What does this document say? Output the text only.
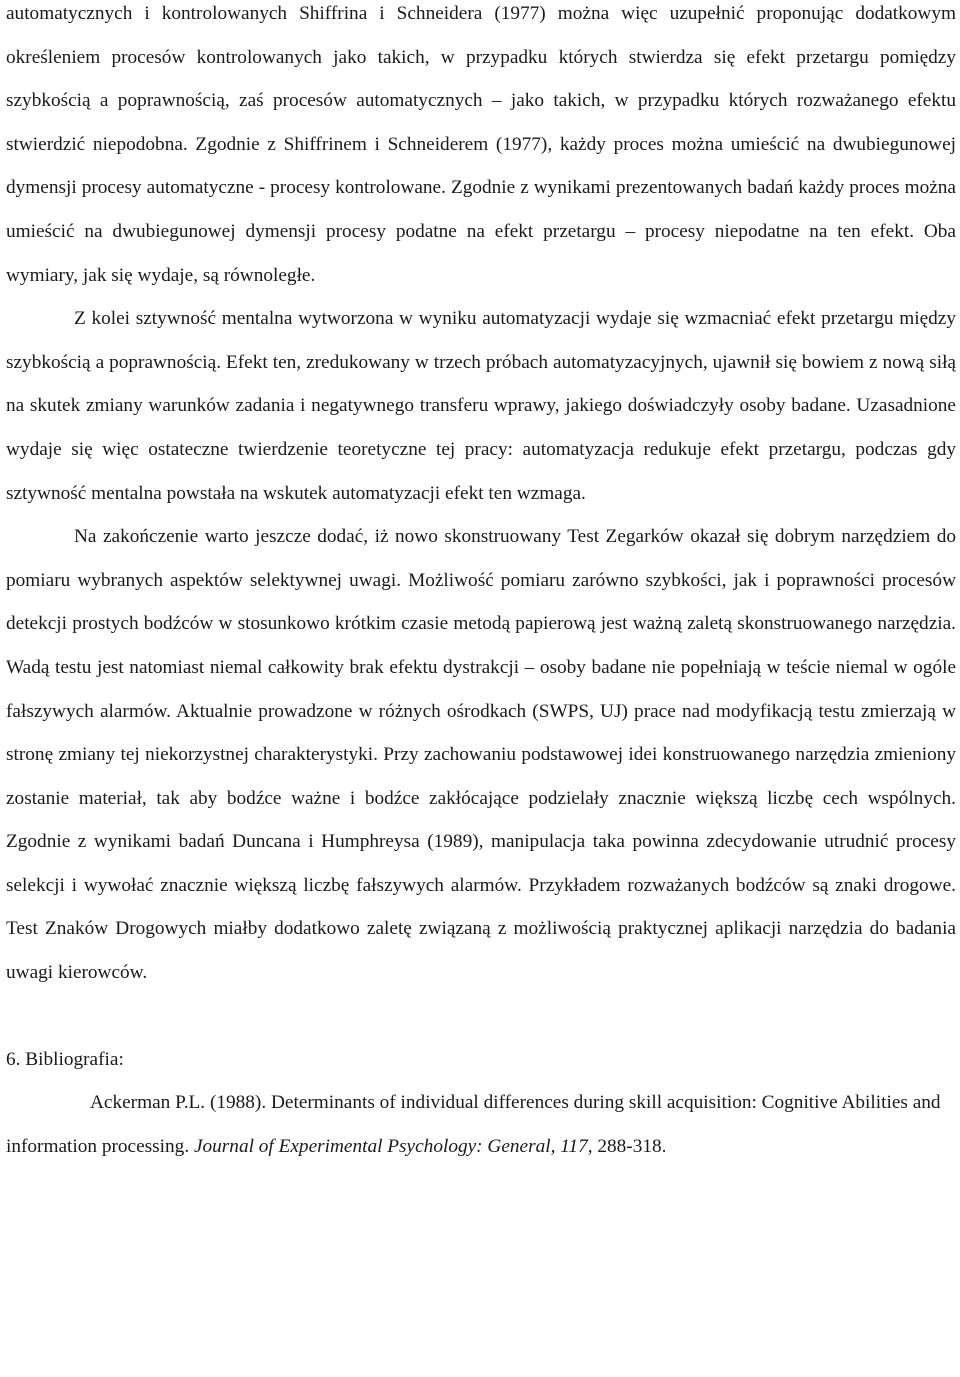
automatycznych i kontrolowanych Shiffrina i Schneidera (1977) można więc uzupełnić proponując dodatkowym określeniem procesów kontrolowanych jako takich, w przypadku których stwierdza się efekt przetargu pomiędzy szybkością a poprawnością, zaś procesów automatycznych – jako takich, w przypadku których rozważanego efektu stwierdzić niepodobna. Zgodnie z Shiffrinem i Schneiderem (1977), każdy proces można umieścić na dwubiegunowej dymensji procesy automatyczne - procesy kontrolowane. Zgodnie z wynikami prezentowanych badań każdy proces można umieścić na dwubiegunowej dymensji procesy podatne na efekt przetargu – procesy niepodatne na ten efekt. Oba wymiary, jak się wydaje, są równoległe.

Z kolei sztywność mentalna wytworzona w wyniku automatyzacji wydaje się wzmacniać efekt przetargu między szybkością a poprawnością. Efekt ten, zredukowany w trzech próbach automatyzacyjnych, ujawnił się bowiem z nową siłą na skutek zmiany warunków zadania i negatywnego transferu wprawy, jakiego doświadczyły osoby badane. Uzasadnione wydaje się więc ostateczne twierdzenie teoretyczne tej pracy: automatyzacja redukuje efekt przetargu, podczas gdy sztywność mentalna powstała na wskutek automatyzacji efekt ten wzmaga.

Na zakończenie warto jeszcze dodać, iż nowo skonstruowany Test Zegarków okazał się dobrym narzędziem do pomiaru wybranych aspektów selektywnej uwagi. Możliwość pomiaru zarówno szybkości, jak i poprawności procesów detekcji prostych bodźców w stosunkowo krótkim czasie metodą papierową jest ważną zaletą skonstruowanego narzędzia. Wadą testu jest natomiast niemal całkowity brak efektu dystrakcji – osoby badane nie popełniają w teście niemal w ogóle fałszywych alarmów. Aktualnie prowadzone w różnych ośrodkach (SWPS, UJ) prace nad modyfikacją testu zmierzają w stronę zmiany tej niekorzystnej charakterystyki. Przy zachowaniu podstawowej idei konstruowanego narzędzia zmieniony zostanie materiał, tak aby bodźce ważne i bodźce zakłócające podzielały znacznie większą liczbę cech wspólnych. Zgodnie z wynikami badań Duncana i Humphreysa (1989), manipulacja taka powinna zdecydowanie utrudnić procesy selekcji i wywołać znacznie większą liczbę fałszywych alarmów. Przykładem rozważanych bodźców są znaki drogowe. Test Znaków Drogowych miałby dodatkowo zaletę związaną z możliwością praktycznej aplikacji narzędzia do badania uwagi kierowców.

6. Bibliografia:

Ackerman P.L. (1988). Determinants of individual differences during skill acquisition: Cognitive Abilities and information processing. Journal of Experimental Psychology: General, 117, 288-318.
